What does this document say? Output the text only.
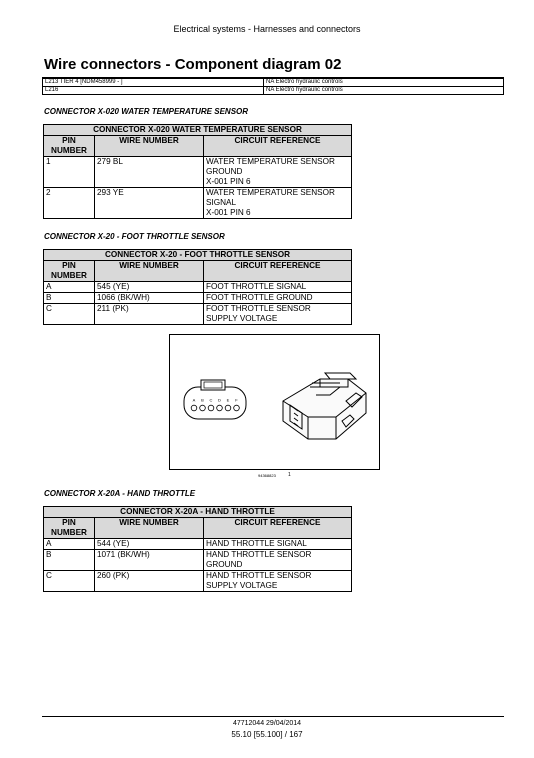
Electrical systems - Harnesses and connectors
Wire connectors - Component diagram 02
L213 TIER 4 [NDM458999 - ]	NA Electro hydraulic controls
L216	NA Electro hydraulic controls
CONNECTOR X-020 WATER TEMPERATURE SENSOR
CONNECTOR X-020 WATER TEMPERATURE SENSOR		
PIN NUMBER	WIRE NUMBER	CIRCUIT REFERENCE
1	279 BL	WATER TEMPERATURE SENSOR
GROUND
X-001 PIN 6

2	293 YE	WATER TEMPERATURE SENSOR
SIGNAL
X-001 PIN 6
CONNECTOR X-20 - FOOT THROTTLE SENSOR
CONNECTOR X-20 - FOOT THROTTLE SENSOR		
PIN NUMBER	WIRE NUMBER	CIRCUIT REFERENCE
A	545 (YE)	FOOT THROTTLE SIGNAL

B	1066 (BK/WH)	FOOT THROTTLE GROUND

C	211 (PK)	FOOT THROTTLE SENSOR
SUPPLY VOLTAGE
A B C D E F
94368823 1
CONNECTOR X-20A - HAND THROTTLE
CONNECTOR X-20A - HAND THROTTLE		
PIN NUMBER	WIRE NUMBER	CIRCUIT REFERENCE
A	544 (YE)	HAND THROTTLE SIGNAL

B	1071 (BK/WH)	HAND THROTTLE SENSOR
GROUND

C	260 (PK)	HAND THROTTLE SENSOR
SUPPLY VOLTAGE
47712044 29/04/2014
55.10 [55.100] / 167
